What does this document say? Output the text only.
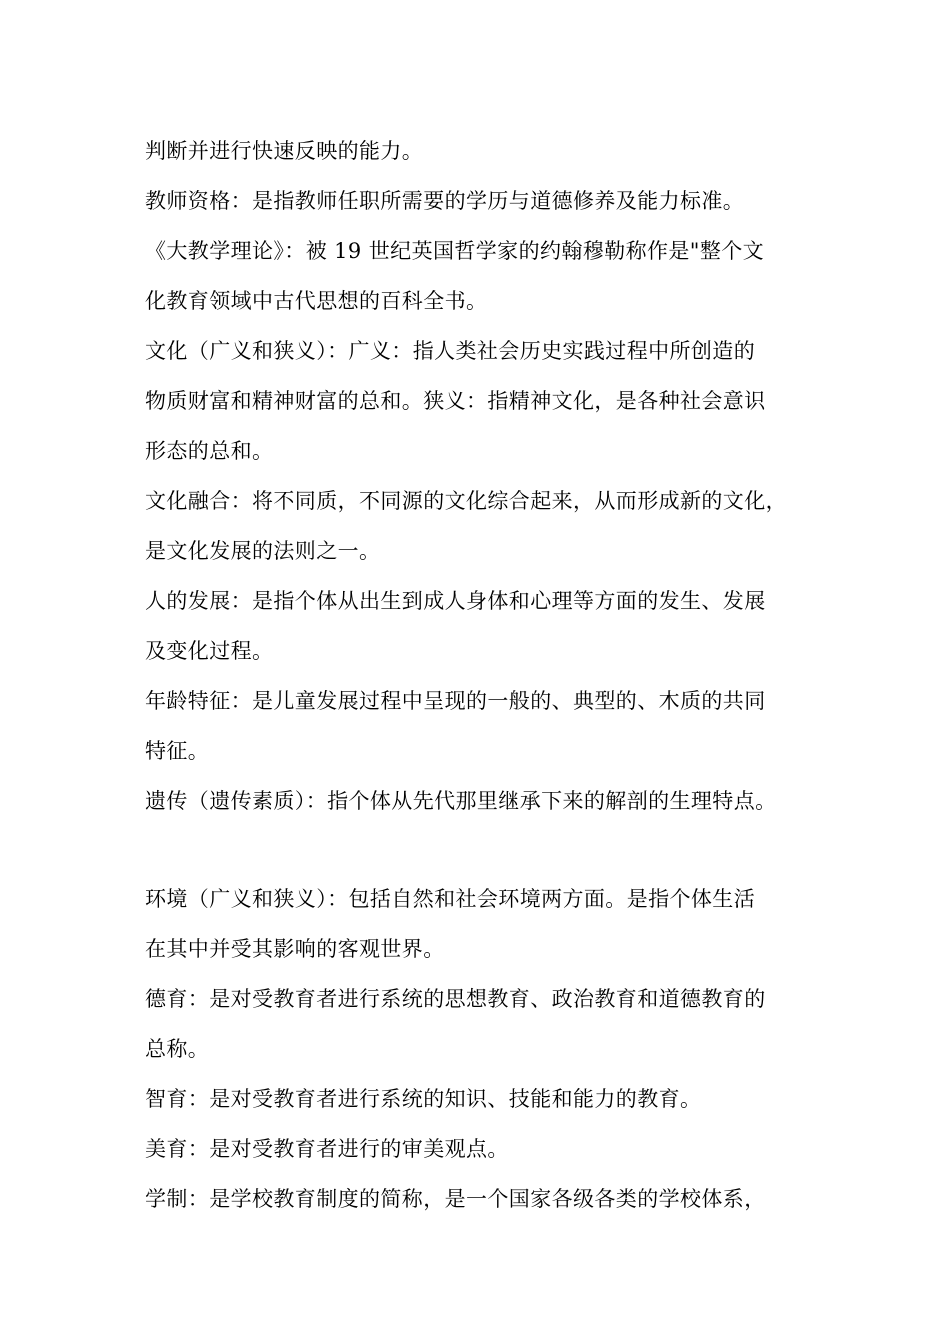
判断并进行快速反映的能力。

教师资格：是指教师任职所需要的学历与道德修养及能力标准。

《大教学理论》：被 19 世纪英国哲学家的约翰穆勒称作是"整个文

化教育领域中古代思想的百科全书。

文化（广义和狭义）：广义：指人类社会历史实践过程中所创造的

物质财富和精神财富的总和。狭义：指精神文化，是各种社会意识

形态的总和。

文化融合：将不同质，不同源的文化综合起来，从而形成新的文化，

是文化发展的法则之一。

人的发展：是指个体从出生到成人身体和心理等方面的发生、发展

及变化过程。

年龄特征：是儿童发展过程中呈现的一般的、典型的、木质的共同

特征。

遗传（遗传素质）：指个体从先代那里继承下来的解剖的生理特点。

环境（广义和狭义）：包括自然和社会环境两方面。是指个体生活

在其中并受其影响的客观世界。

德育：是对受教育者进行系统的思想教育、政治教育和道德教育的

总称。

智育：是对受教育者进行系统的知识、技能和能力的教育。

美育：是对受教育者进行的审美观点。

学制：是学校教育制度的简称，是一个国家各级各类的学校体系，
